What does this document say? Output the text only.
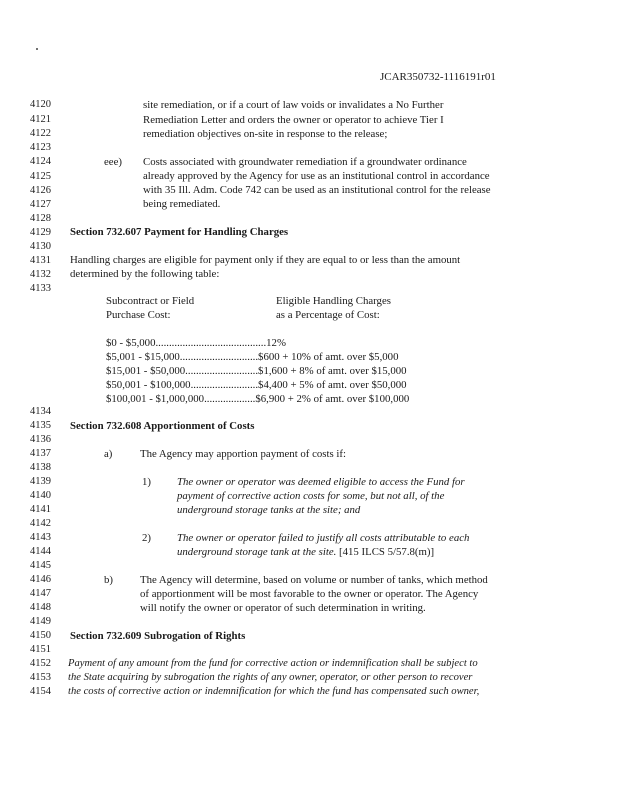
JCAR350732-1116191r01
4120
4121
4122
4123
4124
4125
4126
4127
4128
4129
4130
4131
4132
4133
4134
4135
4136
4137
4138
4139
4140
4141
4142
4143
4144
4145
4146
4147
4148
4149
4150
4151
4152
4153
4154
site remediation, or if a court of law voids or invalidates a No Further
Remediation Letter and orders the owner or operator to achieve Tier I
remediation objectives on-site in response to the release;
eee) Costs associated with groundwater remediation if a groundwater ordinance
already approved by the Agency for use as an institutional control in accordance
with 35 Ill. Adm. Code 742 can be used as an institutional control for the release
being remediated.
Section 732.607 Payment for Handling Charges
Handling charges are eligible for payment only if they are equal to or less than the amount
determined by the following table:
Subcontract or Field
Purchase Cost:
Eligible Handling Charges
as a Percentage of Cost:
$0 - $5,000.........................................12%
$5,001 - $15,000.............................$600 + 10% of amt. over $5,000
$15,001 - $50,000...........................$1,600 + 8% of amt. over $15,000
$50,001 - $100,000.........................$4,400 + 5% of amt. over $50,000
$100,001 - $1,000,000...................$6,900 + 2% of amt. over $100,000
Section 732.608 Apportionment of Costs
a)	The Agency may apportion payment of costs if:
1) The owner or operator was deemed eligible to access the Fund for
payment of corrective action costs for some, but not all, of the
underground storage tanks at the site; and
2) The owner or operator failed to justify all costs attributable to each
underground storage tank at the site. [415 ILCS 5/57.8(m)]
b)	The Agency will determine, based on volume or number of tanks, which method
of apportionment will be most favorable to the owner or operator. The Agency
will notify the owner or operator of such determination in writing.
Section 732.609 Subrogation of Rights
Payment of any amount from the fund for corrective action or indemnification shall be subject to
the State acquiring by subrogation the rights of any owner, operator, or other person to recover
the costs of corrective action or indemnification for which the fund has compensated such owner,
